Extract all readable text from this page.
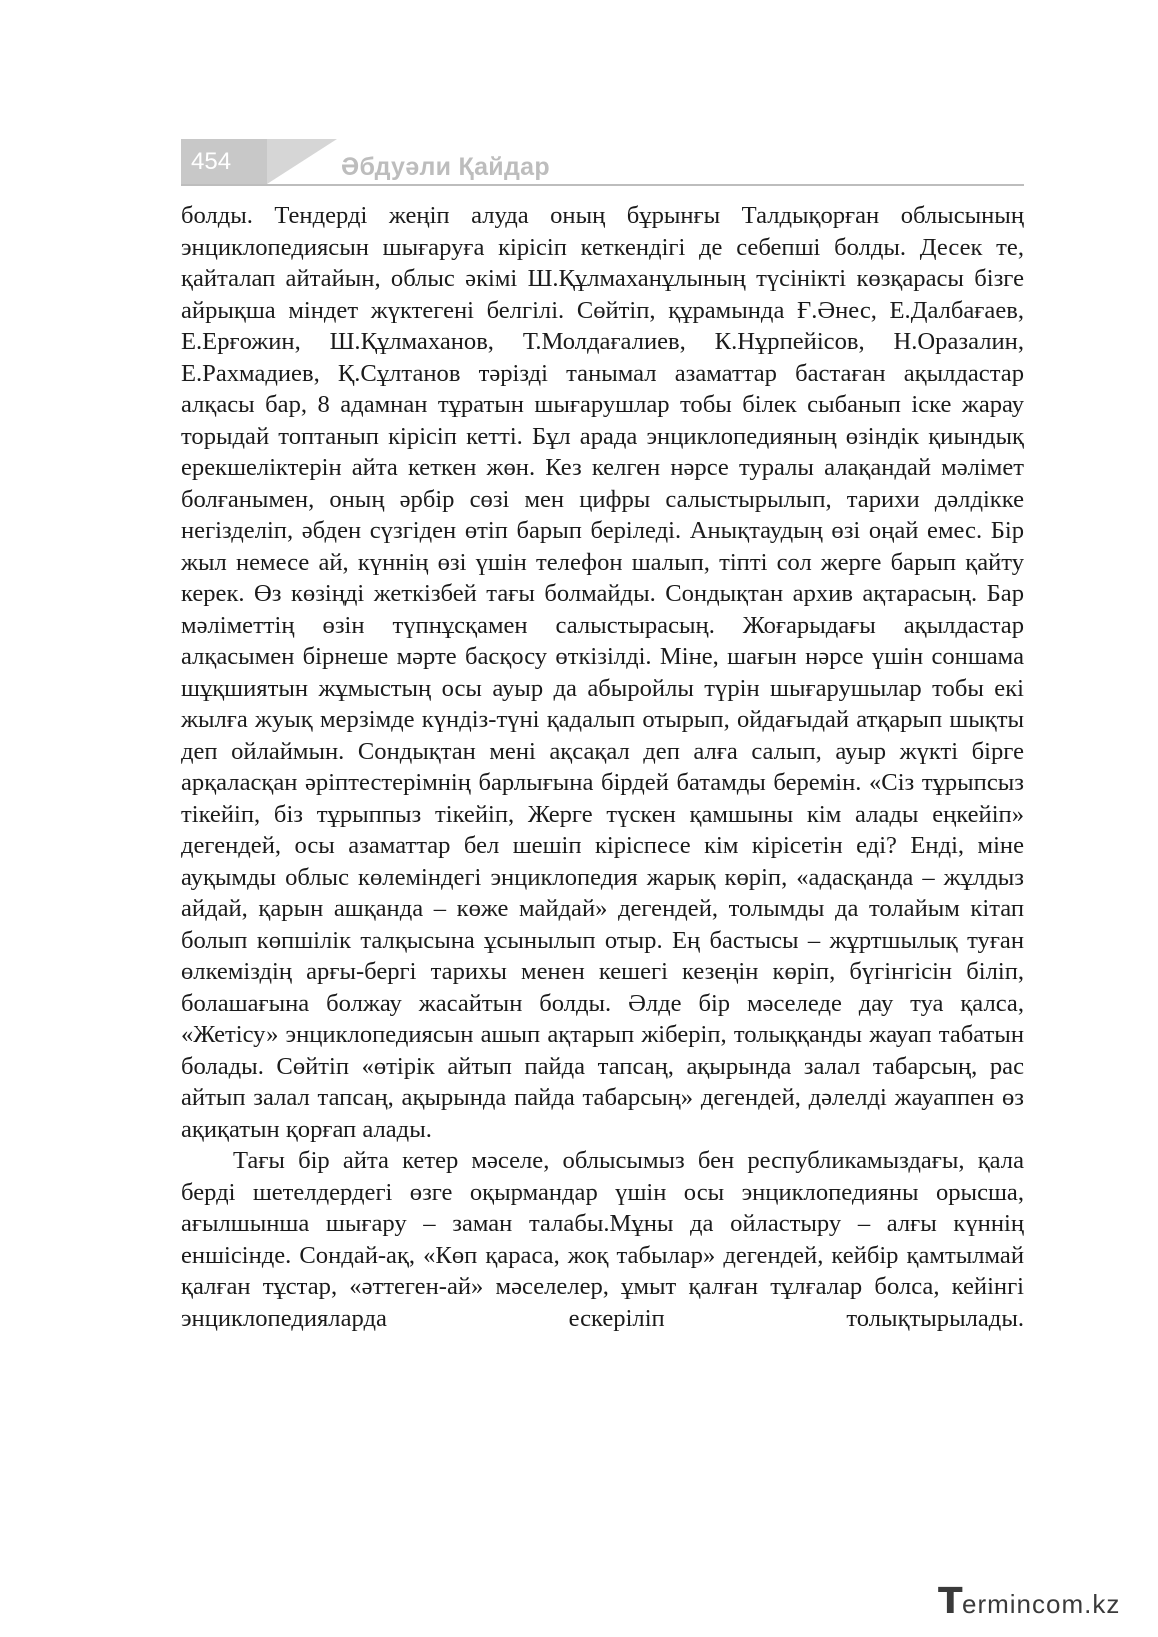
454	Әбдуәли Қайдар

болды. Тендерді жеңіп алуда оның бұрынғы Талдықорған облысының энциклопедиясын шығаруға кірісіп кеткендігі де себепші болды. Десек те, қайталап айтайын, облыс әкімі Ш.Құлмаханұлының түсінікті көзқарасы бізге айрықша міндет жүктегені белгілі. Сөйтіп, құрамында Ғ.Әнес, Е.Далбағаев, Е.Ерғожин, Ш.Құлмаханов, Т.Молдағалиев, К.Нұрпейісов, Н.Оразалин, Е.Рахмадиев, Қ.Сұлтанов тәрізді танымал азаматтар бастаған ақылдастар алқасы бар, 8 адамнан тұратын шығарушлар тобы білек сыбанып іске жарау торыдай топтанып кірісіп кетті. Бұл арада энциклопедияның өзіндік қиындық ерекшеліктерін айта кеткен жөн. Кез келген нәрсе туралы алақандай мәлімет болғанымен, оның әрбір сөзі мен цифры салыстырылып, тарихи дәлдікке негізделіп, әбден сүзгіден өтіп барып беріледі. Анықтаудың өзі оңай емес. Бір жыл немесе ай, күннің өзі үшін телефон шалып, тіпті сол жерге барып қайту керек. Өз көзіңді жеткізбей тағы болмайды. Сондықтан архив ақтарасың. Бар мәліметтің өзін түпнұсқамен салыстырасың. Жоғарыдағы ақылдастар алқасымен бірнеше мәрте басқосу өткізілді. Міне, шағын нәрсе үшін соншама шұқшиятын жұмыстың осы ауыр да абыройлы түрін шығарушылар тобы екі жылға жуық мерзімде күндіз-түні қадалып отырып, ойдағыдай атқарып шықты деп ойлаймын. Сондықтан мені ақсақал деп алға салып, ауыр жүкті бірге арқаласқан әріптестерімнің барлығына бірдей батамды беремін. «Сіз тұрыпсыз тікейіп, біз тұрыппыз тікейіп, Жерге түскен қамшыны кім алады еңкейіп» дегендей, осы азаматтар бел шешіп кіріспесе кім кірісетін еді? Енді, міне ауқымды облыс көлеміндегі энциклопедия жарық көріп, «адасқанда – жұлдыз айдай, қарын ашқанда – көже майдай» дегендей, толымды да толайым кітап болып көпшілік талқысына ұсынылып отыр. Ең бастысы – жұртшылық туған өлкеміздің арғы-бергі тарихы менен кешегі кезеңін көріп, бүгінгісін біліп, болашағына болжау жасайтын болды. Әлде бір мәселеде дау туа қалса, «Жетісу» энциклопедиясын ашып ақтарып жіберіп, толыққанды жауап табатын болады. Сөйтіп «өтірік айтып пайда тапсаң, ақырында залал табарсың, рас айтып залал тапсаң, ақырында пайда табарсың» дегендей, дәлелді жауаппен өз ақиқатын қорғап алады.

Тағы бір айта кетер мәселе, облысымыз бен республикамыздағы, қала берді шетелдердегі өзге оқырмандар үшін осы энциклопедияны орысша, ағылшынша шығару – заман талабы.Мұны да ойластыру – алғы күннің еншісінде. Сондай-ақ, «Көп қараса, жоқ табылар» дегендей, кейбір қамтылмай қалған тұстар, «әттеген-ай» мәселелер, ұмыт қалған тұлғалар болса, кейінгі энциклопедияларда ескеріліп толықтырылады.

T ermincom.kz
